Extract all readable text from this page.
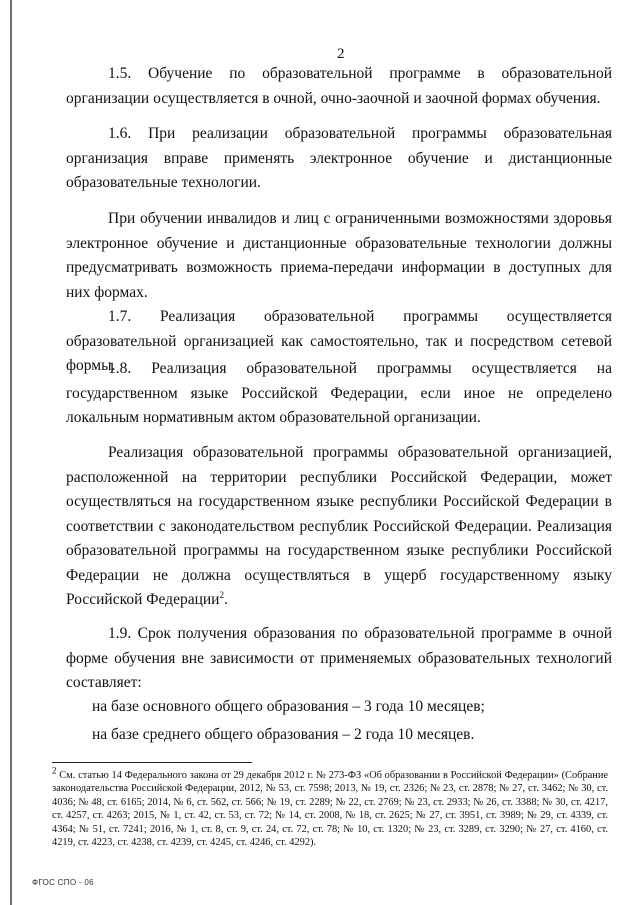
2

1.5. Обучение по образовательной программе в образовательной организации осуществляется в очной, очно-заочной и заочной формах обучения.

1.6. При реализации образовательной программы образовательная организация вправе применять электронное обучение и дистанционные образовательные технологии.

При обучении инвалидов и лиц с ограниченными возможностями здоровья электронное обучение и дистанционные образовательные технологии должны предусматривать возможность приема-передачи информации в доступных для них формах.

1.7. Реализация образовательной программы осуществляется образовательной организацией как самостоятельно, так и посредством сетевой формы.

1.8. Реализация образовательной программы осуществляется на государственном языке Российской Федерации, если иное не определено локальным нормативным актом образовательной организации.

Реализация образовательной программы образовательной организацией, расположенной на территории республики Российской Федерации, может осуществляться на государственном языке республики Российской Федерации в соответствии с законодательством республик Российской Федерации. Реализация образовательной программы на государственном языке республики Российской Федерации не должна осуществляться в ущерб государственному языку Российской Федерации$^2$.

1.9. Срок получения образования по образовательной программе в очной форме обучения вне зависимости от применяемых образовательных технологий составляет:

на базе основного общего образования – 3 года 10 месяцев;

на базе среднего общего образования – 2 года 10 месяцев.

$^2$ См. статью 14 Федерального закона от 29 декабря 2012 г. № 273-ФЗ «Об образовании в Российской Федерации» (Собрание законодательства Российской Федерации, 2012, № 53, ст. 7598; 2013, № 19, ст. 2326; № 23, ст. 2878; № 27, ст. 3462; № 30, ст. 4036; № 48, ст. 6165; 2014, № 6, ст. 562, ст. 566; № 19, ст. 2289; № 22, ст. 2769; № 23, ст. 2933; № 26, ст. 3388; № 30, ст. 4217, ст. 4257, ст. 4263; 2015, № 1, ст. 42, ст. 53, ст. 72; № 14, ст. 2008, № 18, ст. 2625; № 27, ст. 3951, ст. 3989; № 29, ст. 4339, ст. 4364; № 51, ст. 7241; 2016, № 1, ст. 8, ст. 9, ст. 24, ст. 72, ст. 78; № 10, ст. 1320; № 23, ст. 3289, ст. 3290; № 27, ст. 4160, ст. 4219, ст. 4223, ст. 4238, ст. 4239, ст. 4245, ст. 4246, ст. 4292).

ФГОС СПО - 06
